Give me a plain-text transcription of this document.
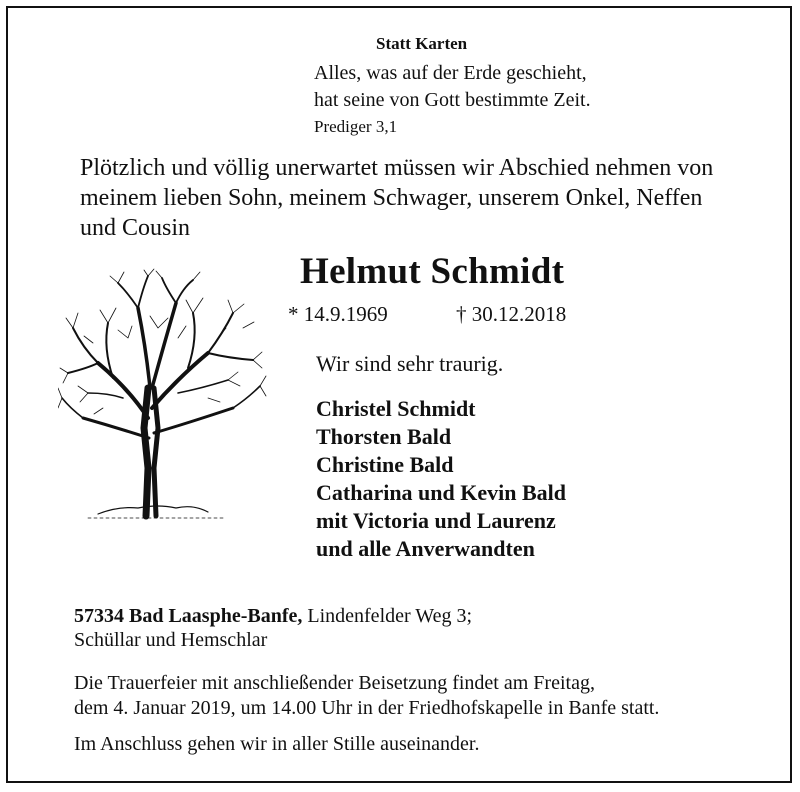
Statt Karten
Alles, was auf der Erde geschieht,
hat seine von Gott bestimmte Zeit.
Prediger 3,1
Plötzlich und völlig unerwartet müssen wir Abschied nehmen von
meinem lieben Sohn, meinem Schwager, unserem Onkel, Neffen
und Cousin
Helmut Schmidt
* 14.9.1969	† 30.12.2018
Wir sind sehr traurig.
Christel Schmidt
Thorsten Bald
Christine Bald
Catharina und Kevin Bald
mit Victoria und Laurenz
und alle Anverwandten
57334 Bad Laasphe-Banfe, Lindenfelder Weg 3;
Schüllar und Hemschlar
Die Trauerfeier mit anschließender Beisetzung findet am Freitag,
dem 4. Januar 2019, um 14.00 Uhr in der Friedhofskapelle in Banfe statt.
Im Anschluss gehen wir in aller Stille auseinander.
